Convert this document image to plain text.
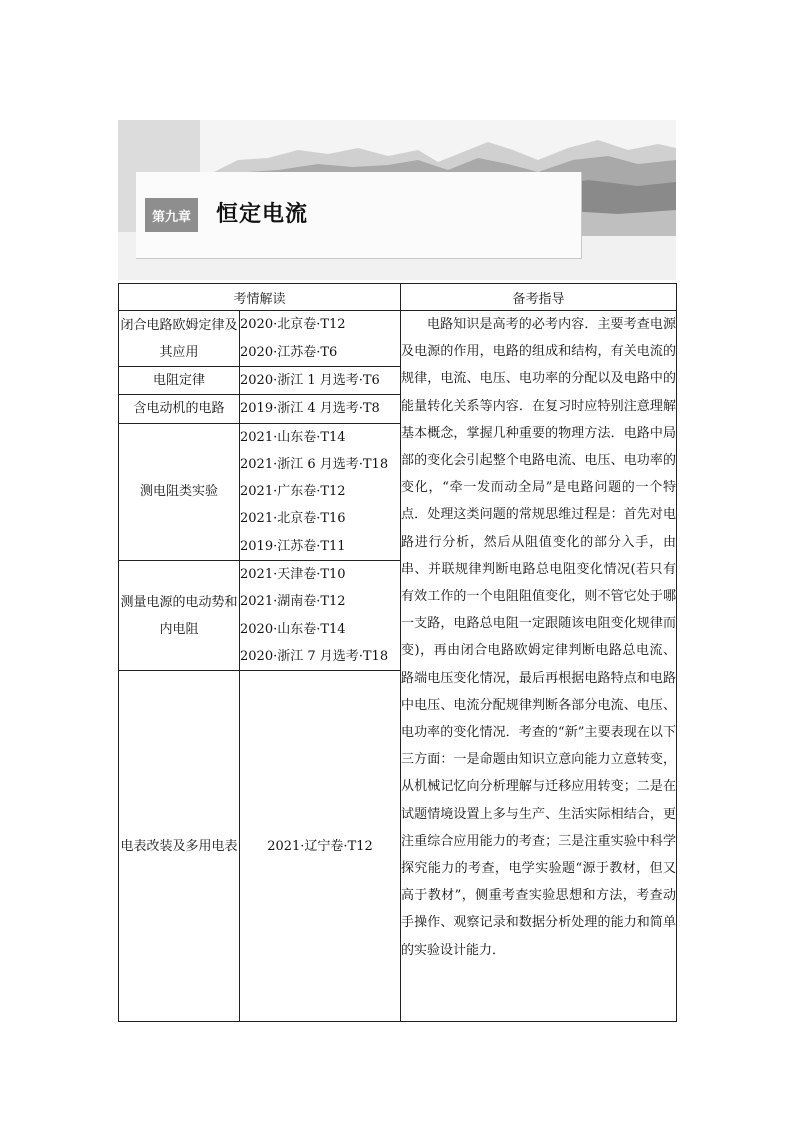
第九章	恒定电流
考情解读		备考指导
闭合电路欧姆定律及其应用	2020·北京卷·T12
2020·江苏卷·T6	电路知识是高考的必考内容．主要考查电源及电源的作用，电路的组成和结构，有关电流的规律，电流、电压、电功率的分配以及电路中的能量转化关系等内容．在复习时应特别注意理解基本概念，掌握几种重要的物理方法．电路中局部的变化会引起整个电路电流、电压、电功率的变化，“牵一发而动全局”是电路问题的一个特点．处理这类问题的常规思维过程是：首先对电路进行分析，然后从阻值变化的部分入手，由串、并联规律判断电路总电阻变化情况(若只有有效工作的一个电阻阻值变化，则不管它处于哪一支路，电路总电阻一定跟随该电阻变化规律而变)，再由闭合电路欧姆定律判断电路总电流、路端电压变化情况，最后再根据电路特点和电路中电压、电流分配规律判断各部分电流、电压、电功率的变化情况．考查的“新”主要表现在以下三方面：一是命题由知识立意向能力立意转变，从机械记忆向分析理解与迁移应用转变；二是在试题情境设置上多与生产、生活实际相结合，更注重综合应用能力的考查；三是注重实验中科学探究能力的考查，电学实验题“源于教材，但又高于教材”，侧重考查实验思想和方法，考查动手操作、观察记录和数据分析处理的能力和简单的实验设计能力．
电阻定律	2020·浙江 1 月选考·T6	

含电动机的电路	2019·浙江 4 月选考·T8	

测电阻类实验	2021·山东卷·T14
2021·浙江 6 月选考·T18
2021·广东卷·T12
2021·北京卷·T16
2019·江苏卷·T11	

测量电源的电动势和内电阻	2021·天津卷·T10
2021·湖南卷·T12
2020·山东卷·T14
2020·浙江 7 月选考·T18	

电表改装及多用电表	2021·辽宁卷·T12	
